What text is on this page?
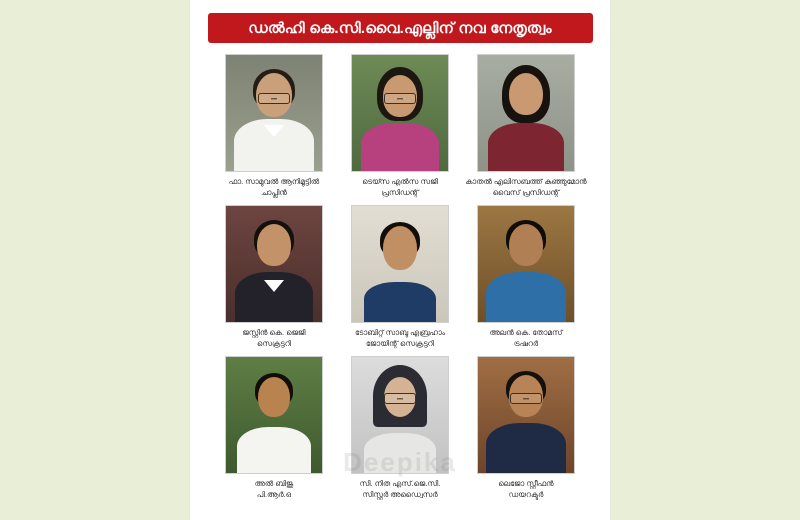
ഡൽഹി കെ.സി.വൈ.എല്ലിന് നവ നേതൃത്വം
ഫാ. സാമുവൽ ആനിമൂട്ടിൽ
ചാപ്ലിൻ
ടെയ്സ എൽസ സജി
പ്രസിഡന്റ്
കാതൽ എലിസബത്ത് കുഞ്ഞുമോൻ
വൈസ് പ്രസിഡന്റ്
ജസ്റ്റിൻ കെ. ജെജി
സെക്രട്ടറി
ടോബിറ്റ് സാബു എബ്രഹാം
ജോയിന്റ് സെക്രട്ടറി
അലൻ കെ. തോമസ്
ട്രഷറർ
അൽ ബിജു
പി.ആർ.ഒ
സി. നിത എസ്.ജെ.സി.
സിസ്റ്റർ അഡ്വൈസർ
ലെജോ സ്റ്റീഫൻ
ഡയറക്ടർ
